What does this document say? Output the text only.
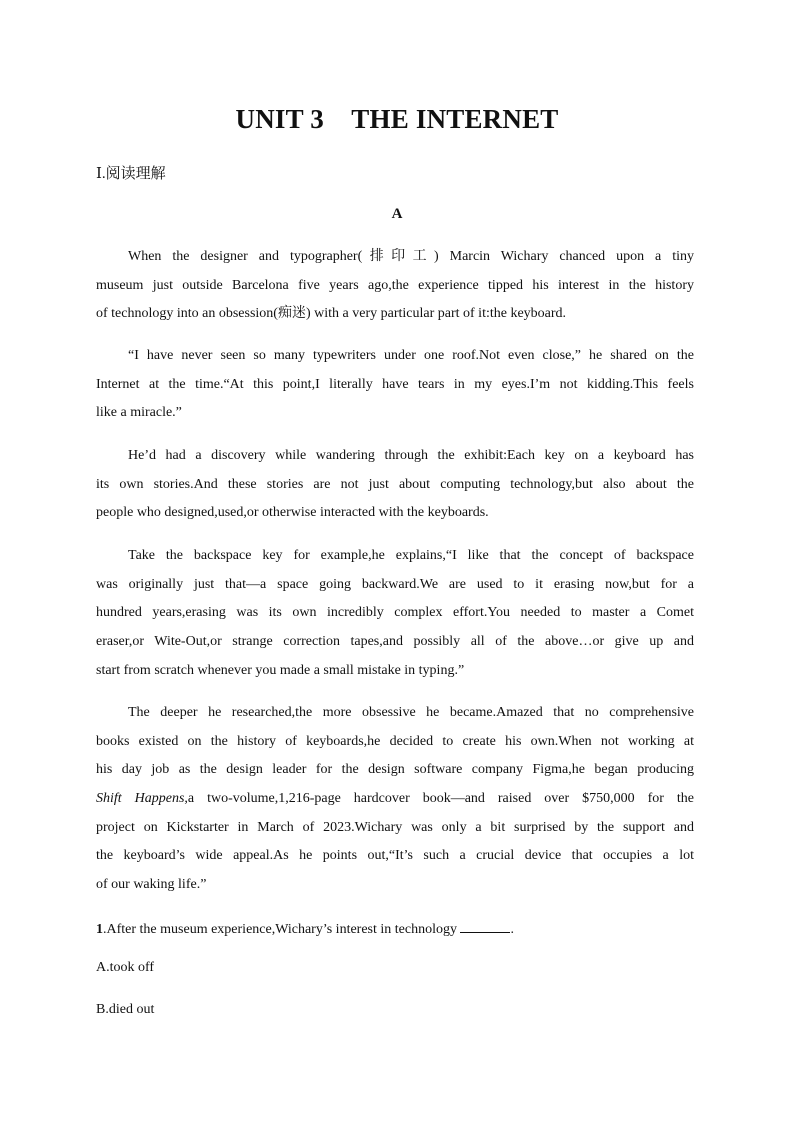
UNIT 3    THE INTERNET
Ⅰ.阅读理解
A
When the designer and typographer(排印工) Marcin Wichary chanced upon a tiny
museum just outside Barcelona five years ago,the experience tipped his interest in the history
of technology into an obsession(痴迷) with a very particular part of it:the keyboard.
“I have never seen so many typewriters under one roof.Not even close,” he shared on the
Internet at the time.“At this point,I literally have tears in my eyes.I’m not kidding.This feels
like a miracle.”
He’d had a discovery while wandering through the exhibit:Each key on a keyboard has
its own stories.And these stories are not just about computing technology,but also about the
people who designed,used,or otherwise interacted with the keyboards.
Take the backspace key for example,he explains,“I like that the concept of backspace
was originally just that—a space going backward.We are used to it erasing now,but for a
hundred years,erasing was its own incredibly complex effort.You needed to master a Comet
eraser,or Wite-Out,or strange correction tapes,and possibly all of the above…or give up and
start from scratch whenever you made a small mistake in typing.”
The deeper he researched,the more obsessive he became.Amazed that no comprehensive
books existed on the history of keyboards,he decided to create his own.When not working at
his day job as the design leader for the design software company Figma,he began producing
Shift Happens,a two-volume,1,216-page hardcover book—and raised over $750,000 for the
project on Kickstarter in March of 2023.Wichary was only a bit surprised by the support and
the keyboard’s wide appeal.As he points out,“It’s such a crucial device that occupies a lot
of our waking life.”
1.After the museum experience,Wichary’s interest in technology	.
A.took off
B.died out
